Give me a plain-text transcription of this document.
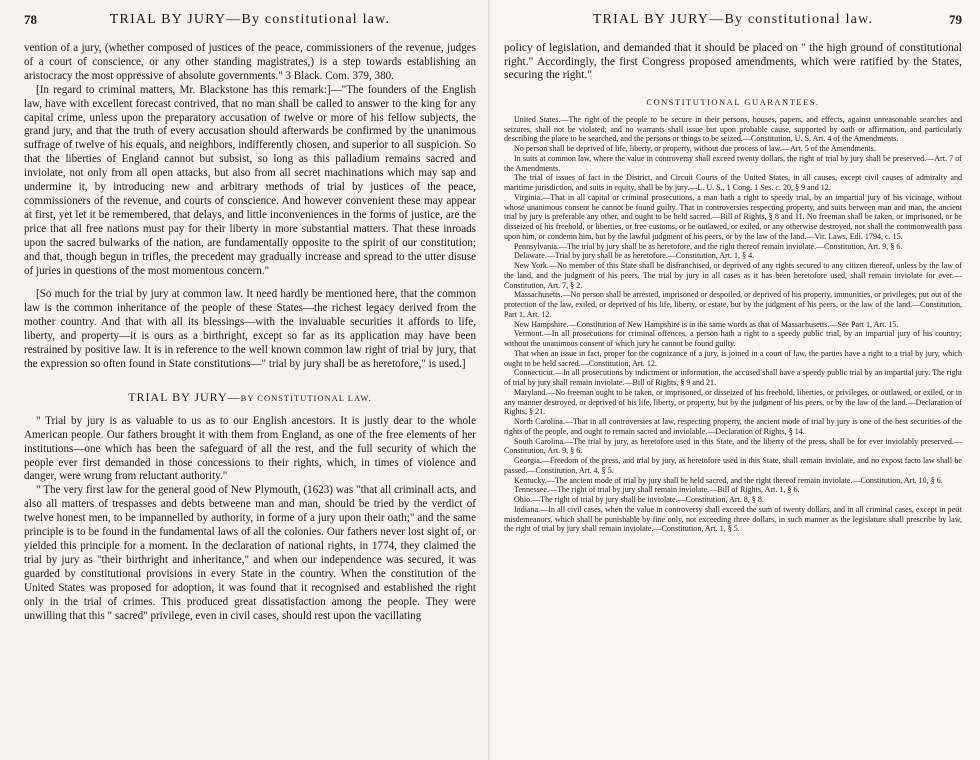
78	TRIAL BY JURY—By constitutional law.

vention of a jury, (whether composed of justices of the peace, commissioners of the revenue, judges of a court of conscience, or any other standing magistrates,) is a step towards establishing an aristocracy the most oppressive of absolute governments." 3 Black. Com. 379, 380.

[In regard to criminal matters, Mr. Blackstone has this remark:]—"The founders of the English law, have with excellent forecast contrived, that no man shall be called to answer to the king for any capital crime, unless upon the preparatory accusation of twelve or more of his fellow subjects, the grand jury, and that the truth of every accusation should afterwards be confirmed by the unanimous suffrage of twelve of his equals, and neighbors, indifferently chosen, and superior to all suspicion. So that the liberties of England cannot but subsist, so long as this palladium remains sacred and inviolate, not only from all open attacks, but also from all secret machinations which may sap and undermine it, by introducing new and arbitrary methods of trial by justices of the peace, commissioners of the revenue, and courts of conscience. And however convenient these may appear at first, yet let it be remembered, that delays, and little inconveniences in the forms of justice, are the price that all free nations must pay for their liberty in more substantial matters. That these inroads upon the sacred bulwarks of the nation, are fundamentally opposite to the spirit of our constitution; and that, though begun in trifles, the precedent may gradually increase and spread to the utter disuse of juries in questions of the most momentous concern."

[So much for the trial by jury at common law. It need hardly be mentioned here, that the common law is the common inheritance of the people of these States—the richest legacy derived from the mother country. And that with all its blessings—with the invaluable securities it affords to life, liberty, and property—it is ours as a birthright, except so far as its application may have been restrained by positive law. It is in reference to the well known common law right of trial by jury, that the expression so often found in State constitutions—" trial by jury shall be as heretofore," is used.]

TRIAL BY JURY—BY CONSTITUTIONAL LAW.

" Trial by jury is as valuable to us as to our English ancestors. It is justly dear to the whole American people. Our fathers brought it with them from England, as one of the free elements of her institutions—one which has been the safeguard of all the rest, and the full security of which the people ever first demanded in those concessions to their rights, which, in times of violence and danger, were wrung from reluctant authority."

" The very first law for the general good of New Plymouth, (1623) was "that all criminall acts, and also all matters of trespasses and debts betweene man and man, should be tried by the verdict of twelve honest men, to be impannelled by authority, in forme of a jury upon their oath;" and the same principle is to be found in the fundamental laws of all the colonies. Our fathers never lost sight of, or yielded this principle for a moment. In the declaration of national rights, in 1774, they claimed the trial by jury as "their birthright and inheritance," and when our independence was secured, it was guarded by constitutional provisions in every State in the country. When the constitution of the United States was proposed for adoption, it was found that it recognised and established the right only in the trial of crimes. This produced great dissatisfaction among the people. They were unwilling that this " sacred" privilege, even in civil cases, should rest upon the vacillating

TRIAL BY JURY—By constitutional law.	79

policy of legislation, and demanded that it should be placed on " the high ground of constitutional right." Accordingly, the first Congress proposed amendments, which were ratified by the States, securing the right."

CONSTITUTIONAL GUARANTEES.

United States.—The right of the people to be secure in their persons, houses, papers, and effects, against unreasonable searches and seizures, shall not be violated; and no warrants shall issue but upon probable cause, supported by oath or affirmation, and particularly describing the place to be searched, and the persons or things to be seized.—Constitution, U. S. Art. 4 of the Amendments.

No person shall be deprived of life, liberty, or property, without due process of law.—Art. 5 of the Amendments.

In suits at common law, where the value in controversy shall exceed twenty dollars, the right of trial by jury shall be preserved.—Art. 7 of the Amendments.

The trial of issues of fact in the District, and Circuit Courts of the United States, in all causes, except civil causes of admiralty and maritime jurisdiction, and suits in equity, shall be by jury.—L. U. S., 1 Cong. 1 Ses. c. 20, § 9 and 12.

Virginia.—That in all capital or criminal prosecutions, a man hath a right to speedy trial, by an impartial jury of his vicinage, without whose unanimous consent he cannot be found guilty. That in controversies respecting property, and suits between man and man, the ancient trial by jury is preferable any other, and ought to be held sacred.—Bill of Rights, § 8 and 11. No freeman shall be taken, or imprisoned, or be disseized of his freehold, or liberties, or free customs, or be outlawed, or exiled, or any otherwise destroyed, nor shall the commonwealth pass upon him, or condemn him, but by the lawful judgment of his peers, or by the law of the land.—Vir. Laws, Edi. 1794, c. 15.

Pennsylvania.—The trial by jury shall be as heretofore, and the right thereof remain inviolate.—Constitution, Art. 9, § 6.

Delaware.—Trial by jury shall be as heretofore.—Constitution, Art. 1, § 4.

New York.—No member of this State shall be disfranchised, or deprived of any rights secured to any citizen thereof, unless by the law of the land, and the judgment of his peers. The trial by jury in all cases as it has been heretofore used, shall remain inviolate for ever.—Constitution, Art. 7, § 2.

Massachusetts.—No person shall be arrested, imprisoned or despoiled, or deprived of his property, immunities, or privileges, put out of the protection of the law, exiled, or deprived of his life, liberty, or estate, but by the judgment of his peers, or the law of the land.—Constitution, Part 1, Art. 12.

New Hampshire.—Constitution of New Hampshire is in the same words as that of Massachusetts.—See Part 1, Art. 15.

Vermont.—In all prosecutions for criminal offences, a person hath a right to a speedy public trial, by an impartial jury of his country; without the unanimous consent of which jury he cannot be found guilty.

That when an issue in fact, proper for the cognizance of a jury, is joined in a court of law, the parties have a right to a trial by jury, which ought to be held sacred.—Constitution, Art. 12.

Connecticut.—In all prosecutions by indictment or information, the accused shall have a speedy public trial by an impartial jury. The right of trial by jury shall remain inviolate.—Bill of Rights, § 9 and 21.

Maryland.—No freeman ought to be taken, or imprisoned, or disseized of his freehold, liberties, or privileges, or outlawed, or exiled, or in any manner destroyed, or deprived of his life, liberty, or property, but by the judgment of his peers, or by the law of the land.—Declaration of Rights, § 21.

North Carolina.—That in all controversies at law, respecting property, the ancient mode of trial by jury is one of the best securities of the rights of the people, and ought to remain sacred and inviolable.—Declaration of Rights, § 14.

South Carolina.—The trial by jury, as heretofore used in this State, and the liberty of the press, shall be for ever inviolably preserved.—Constitution, Art. 9, § 6.

Georgia.—Freedom of the press, and trial by jury, as heretofore used in this State, shall remain inviolate, and no expost facto law shall be passed.—Constitution, Art. 4, § 5.

Kentucky.—The ancient mode of trial by jury shall be held sacred, and the right thereof remain inviolate.—Constitution, Art. 10, § 6.

Tennessee.—The right of trial by jury shall remain inviolate.—Bill of Rights, Art. 1, § 6.

Ohio.—The right of trial by jury shall be inviolate.—Constitution, Art. 8, § 8.

Indiana.—In all civil cases, when the value in controversy shall exceed the sum of twenty dollars, and in all criminal cases, except in petit misdemeanors, which shall be punishable by fine only, not exceeding three dollars, in such manner as the legislature shall prescribe by law, the right of trial by jury shall remain inviolate.—Constitution, Art. 1, § 5.
